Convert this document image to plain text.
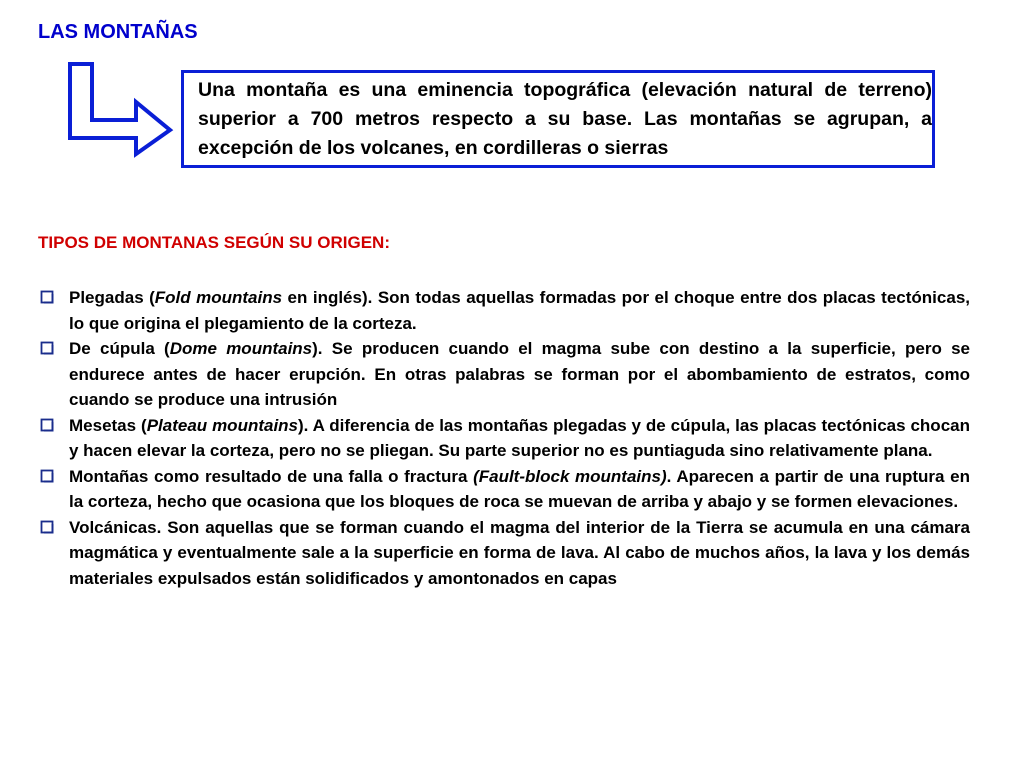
LAS MONTAÑAS

Una montaña es una eminencia topográfica (elevación natural de terreno) superior a 700 metros respecto a su base. Las montañas se agrupan, a excepción de los volcanes, en cordilleras o sierras

TIPOS DE MONTANAS SEGÚN SU ORIGEN:
Plegadas (Fold mountains en inglés). Son todas aquellas formadas por el choque entre dos placas tectónicas, lo que origina el plegamiento de la corteza.
De cúpula (Dome mountains). Se producen cuando el magma sube con destino a la superficie, pero se endurece antes de hacer erupción. En otras palabras se forman por el abombamiento de estratos, como cuando se produce una intrusión
Mesetas (Plateau mountains). A diferencia de las montañas plegadas y de cúpula, las placas tectónicas chocan y hacen elevar la corteza, pero no se pliegan. Su parte superior no es puntiaguda sino relativamente plana.
Montañas como resultado de una falla o fractura (Fault-block mountains). Aparecen a partir de una ruptura en la corteza, hecho que ocasiona que los bloques de roca se muevan de arriba y abajo y se formen elevaciones.
Volcánicas. Son aquellas que se forman cuando el magma del interior de la Tierra se acumula en una cámara magmática y eventualmente sale a la superficie en forma de lava. Al cabo de muchos años, la lava y los demás materiales expulsados están solidificados y amontonados en capas
